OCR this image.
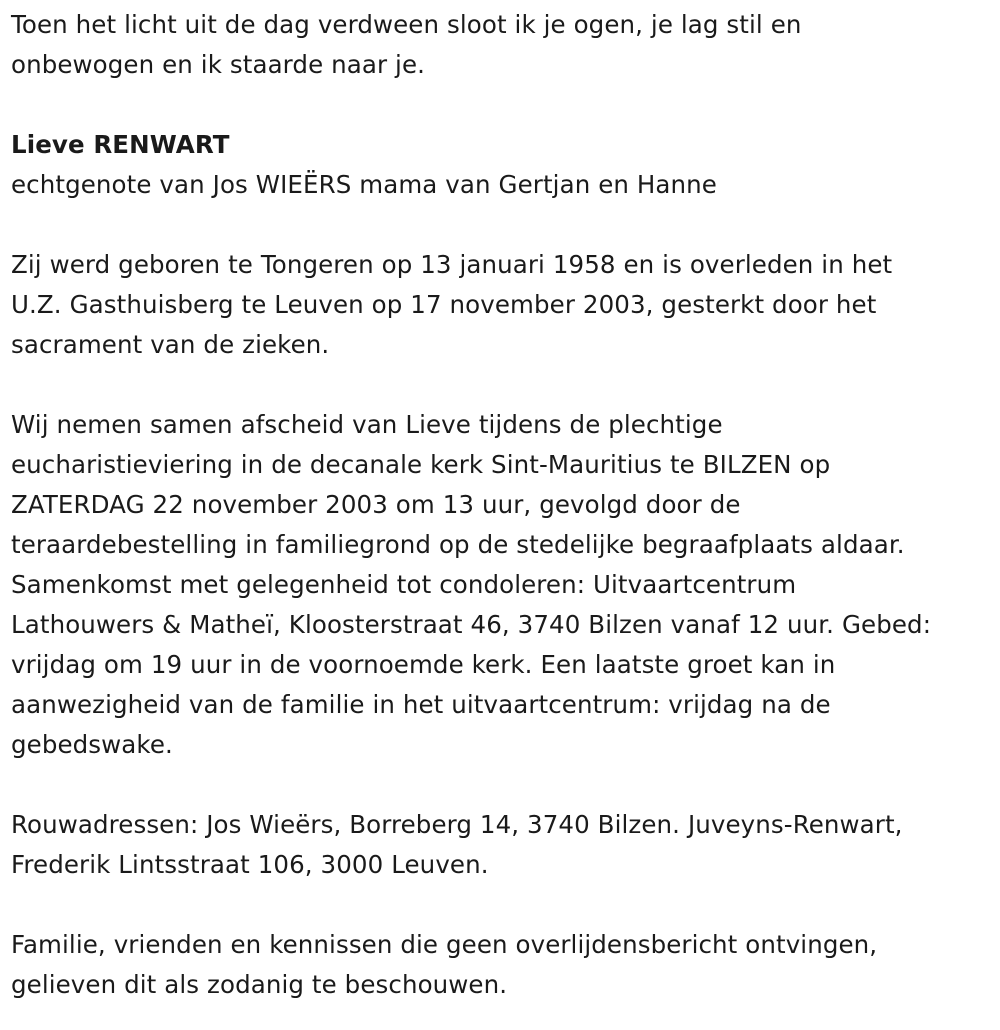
Toen het licht uit de dag verdween sloot ik je ogen, je lag stil en
onbewogen en ik staarde naar je.

Lieve RENWART

echtgenote van Jos WIEËRS mama van Gertjan en Hanne

Zij werd geboren te Tongeren op 13 januari 1958 en is overleden in het
U.Z. Gasthuisberg te Leuven op 17 november 2003, gesterkt door het
sacrament van de zieken.

Wij nemen samen afscheid van Lieve tijdens de plechtige
eucharistieviering in de decanale kerk Sint-Mauritius te BILZEN op
ZATERDAG 22 november 2003 om 13 uur, gevolgd door de
teraardebestelling in familiegrond op de stedelijke begraafplaats aldaar.
Samenkomst met gelegenheid tot condoleren: Uitvaartcentrum
Lathouwers & Matheï, Kloosterstraat 46, 3740 Bilzen vanaf 12 uur. Gebed:
vrijdag om 19 uur in de voornoemde kerk. Een laatste groet kan in
aanwezigheid van de familie in het uitvaartcentrum: vrijdag na de
gebedswake.

Rouwadressen: Jos Wieërs, Borreberg 14, 3740 Bilzen. Juveyns-Renwart,
Frederik Lintsstraat 106, 3000 Leuven.

Familie, vrienden en kennissen die geen overlijdensbericht ontvingen,
gelieven dit als zodanig te beschouwen.
